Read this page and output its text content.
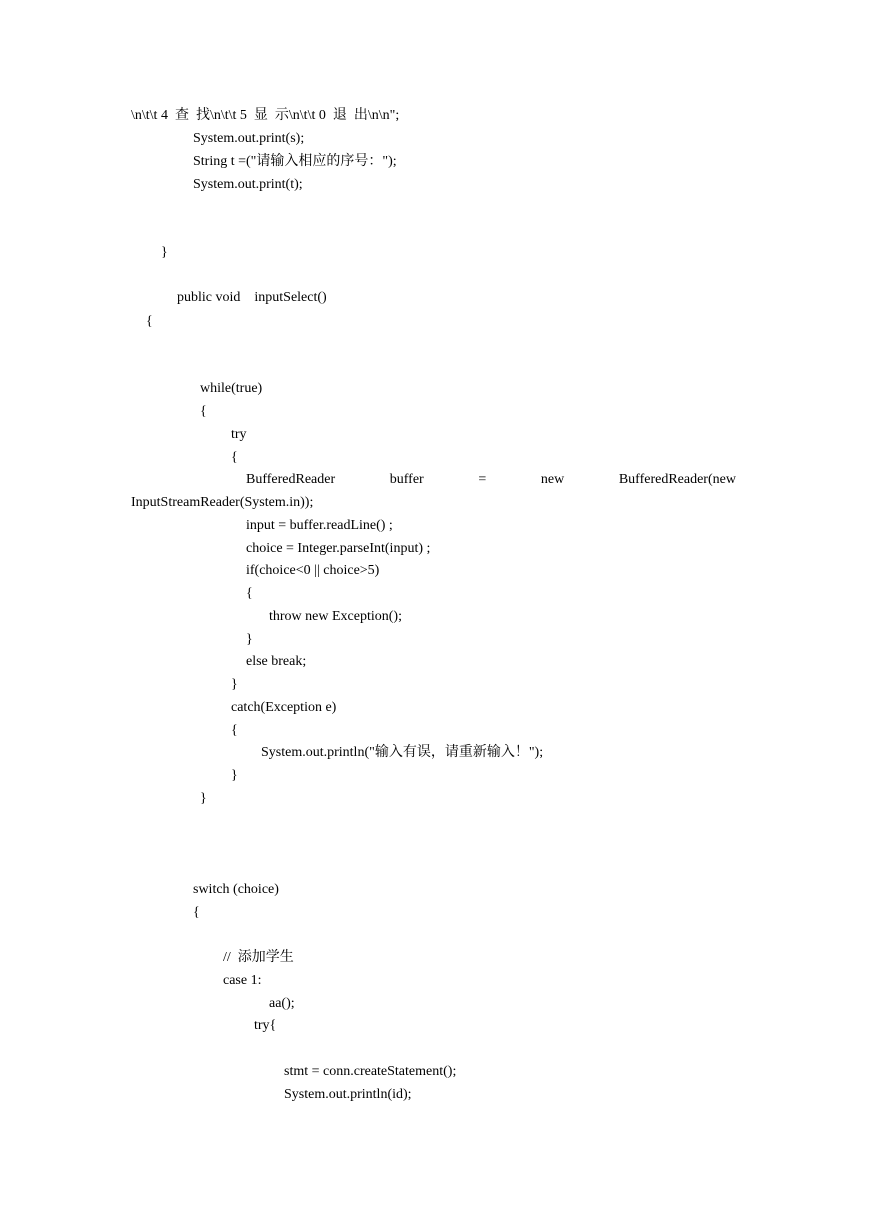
\n\t\t 4  查  找\n\t\t 5  显  示\n\t\t 0  退  出\n\n";
System.out.print(s);
String t =("请输入相应的序号：");
System.out.print(t);
}
public void    inputSelect()
{
while(true)
{
try
{
BufferedReader	buffer	=	new	BufferedReader(new
InputStreamReader(System.in));
input = buffer.readLine() ;
choice = Integer.parseInt(input) ;
if(choice<0 || choice>5)
{
throw new Exception();
}
else break;
}
catch(Exception e)
{
System.out.println("输入有误，请重新输入！");
}
}
switch (choice)
{
//  添加学生
case 1:
aa();
try{
stmt = conn.createStatement();
System.out.println(id);
